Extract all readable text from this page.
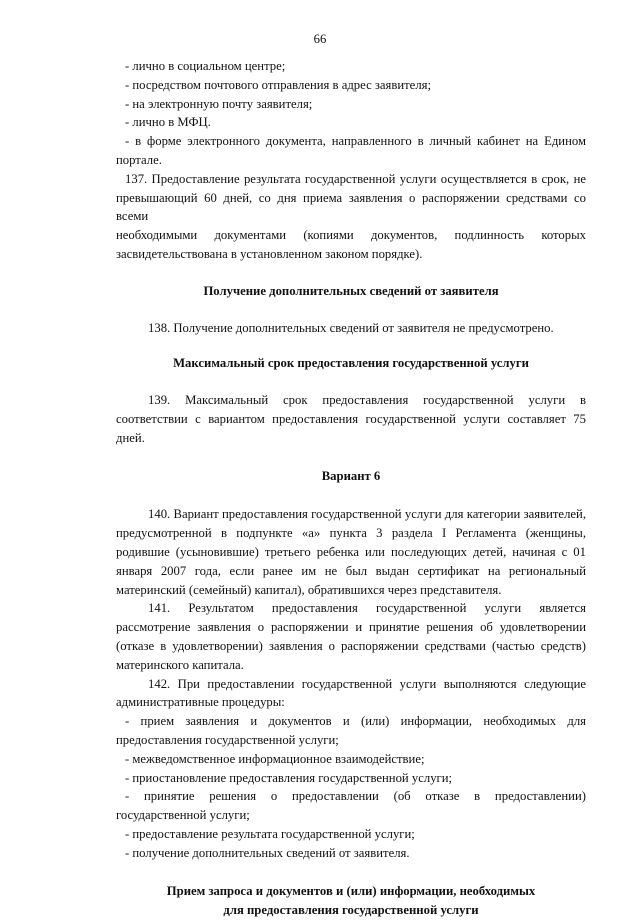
66

- лично в социальном центре;

- посредством почтового отправления в адрес заявителя;

- на электронную почту заявителя;

- лично в МФЦ.

- в форме электронного документа, направленного в личный кабинет на Едином портале.

137. Предоставление результата государственной услуги осуществляется в срок, не превышающий 60 дней, со дня приема заявления о распоряжении средствами со всеми

необходимыми документами (копиями документов, подлинность которых

засвидетельствована в установленном законом порядке).

Получение дополнительных сведений от заявителя

138. Получение дополнительных сведений от заявителя не предусмотрено.

Максимальный срок предоставления государственной услуги

139. Максимальный срок предоставления государственной услуги в соответствии с вариантом предоставления государственной услуги составляет 75 дней.

Вариант 6

140. Вариант предоставления государственной услуги для категории заявителей, предусмотренной в подпункте «а» пункта 3 раздела I Регламента (женщины, родившие (усыновившие) третьего ребенка или последующих детей, начиная с 01 января 2007 года, если ранее им не был выдан сертификат на региональный материнский (семейный) капитал), обратившихся через представителя.

141. Результатом предоставления государственной услуги является рассмотрение заявления о распоряжении и принятие решения об удовлетворении (отказе в удовлетворении) заявления о распоряжении средствами (частью средств) материнского капитала.

142. При предоставлении государственной услуги выполняются следующие административные процедуры:

- прием заявления и документов и (или) информации, необходимых для предоставления государственной услуги;

- межведомственное информационное взаимодействие;

- приостановление предоставления государственной услуги;

- принятие решения о предоставлении (об отказе в предоставлении) государственной услуги;

- предоставление результата государственной услуги;

- получение дополнительных сведений от заявителя.

Прием запроса и документов и (или) информации, необходимых

для предоставления государственной услуги
